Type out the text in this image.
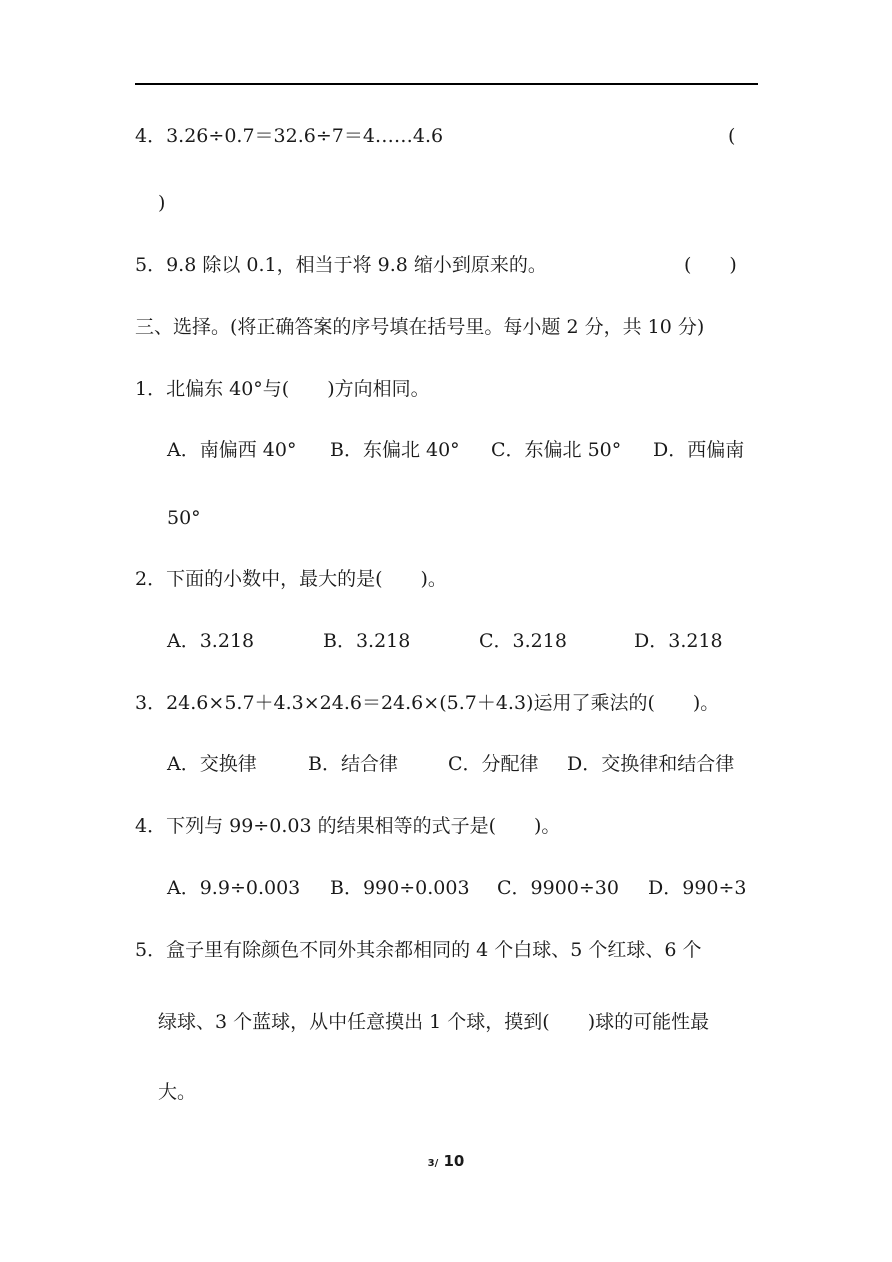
4．3.26÷0.7＝32.6÷7＝4……4.6	(
)
5．9.8 除以 0.1，相当于将 9.8 缩小到原来的。	(　　)
三、选择。(将正确答案的序号填在括号里。每小题 2 分，共 10 分)
1．北偏东 40°与(　　)方向相同。
A．南偏西 40° B．东偏北 40° C．东偏北 50° D．西偏南
50°
2．下面的小数中，最大的是(　　)。
A．3.218	B．3.218	C．3.218	D．3.218
3．24.6×5.7＋4.3×24.6＝24.6×(5.7＋4.3)运用了乘法的(　　)。
A．交换律	B．结合律	C．分配律 D．交换律和结合律
4．下列与 99÷0.03 的结果相等的式子是(　　)。
A．9.9÷0.003 B．990÷0.003 C．9900÷30 D．990÷3
5．盒子里有除颜色不同外其余都相同的 4 个白球、5 个红球、6 个
绿球、3 个蓝球，从中任意摸出 1 个球，摸到(　　)球的可能性最
大。
3/ 10
